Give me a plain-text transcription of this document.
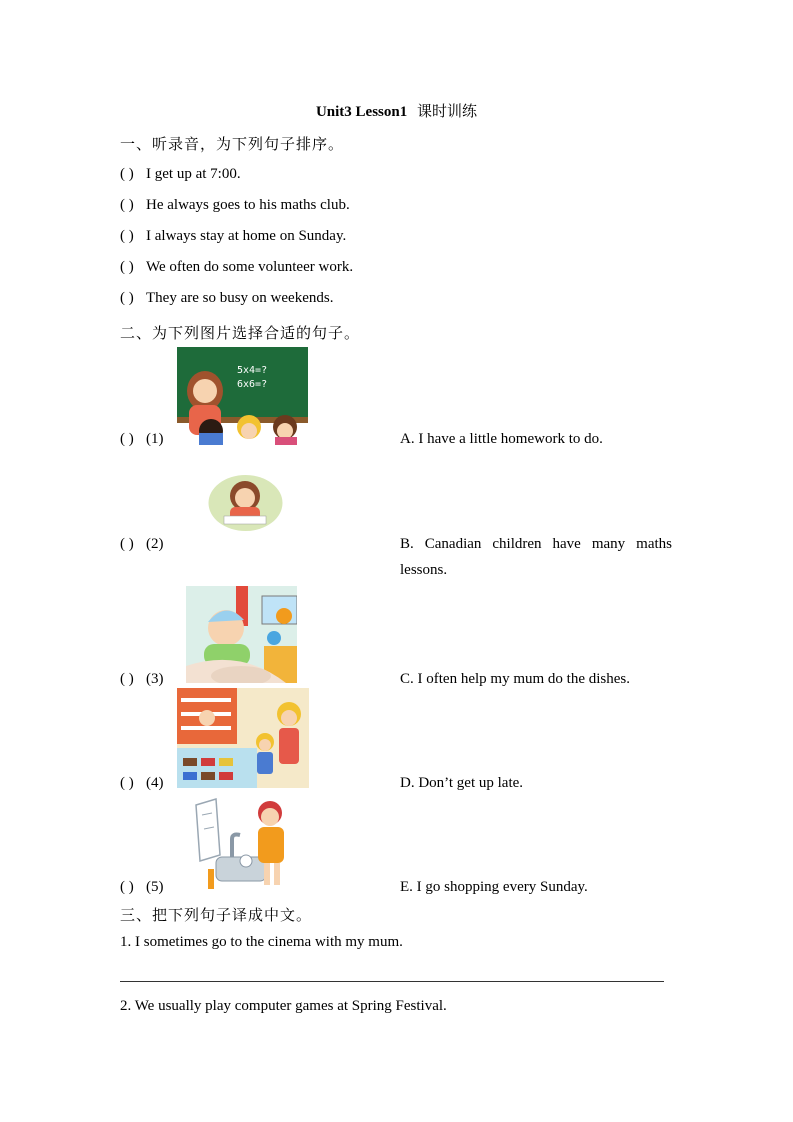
Unit3 Lesson1 课时训练
一、听录音，为下列句子排序。
( ) I get up at 7:00.
( ) He always goes to his maths club.
( ) I always stay at home on Sunday.
( ) We often do some volunteer work.
( ) They are so busy on weekends.
二、为下列图片选择合适的句子。
5x4=?
6x6=?
( ) (1)
( ) (2)
( ) (3)
( ) (4)
( ) (5)
A. I have a little homework to do.
B. Canadian children have many maths lessons.
C. I often help my mum do the dishes.
D. Don’t get up late.
E. I go shopping every Sunday.
三、把下列句子译成中文。
1. I sometimes go to the cinema with my mum.
2. We usually play computer games at Spring Festival.
